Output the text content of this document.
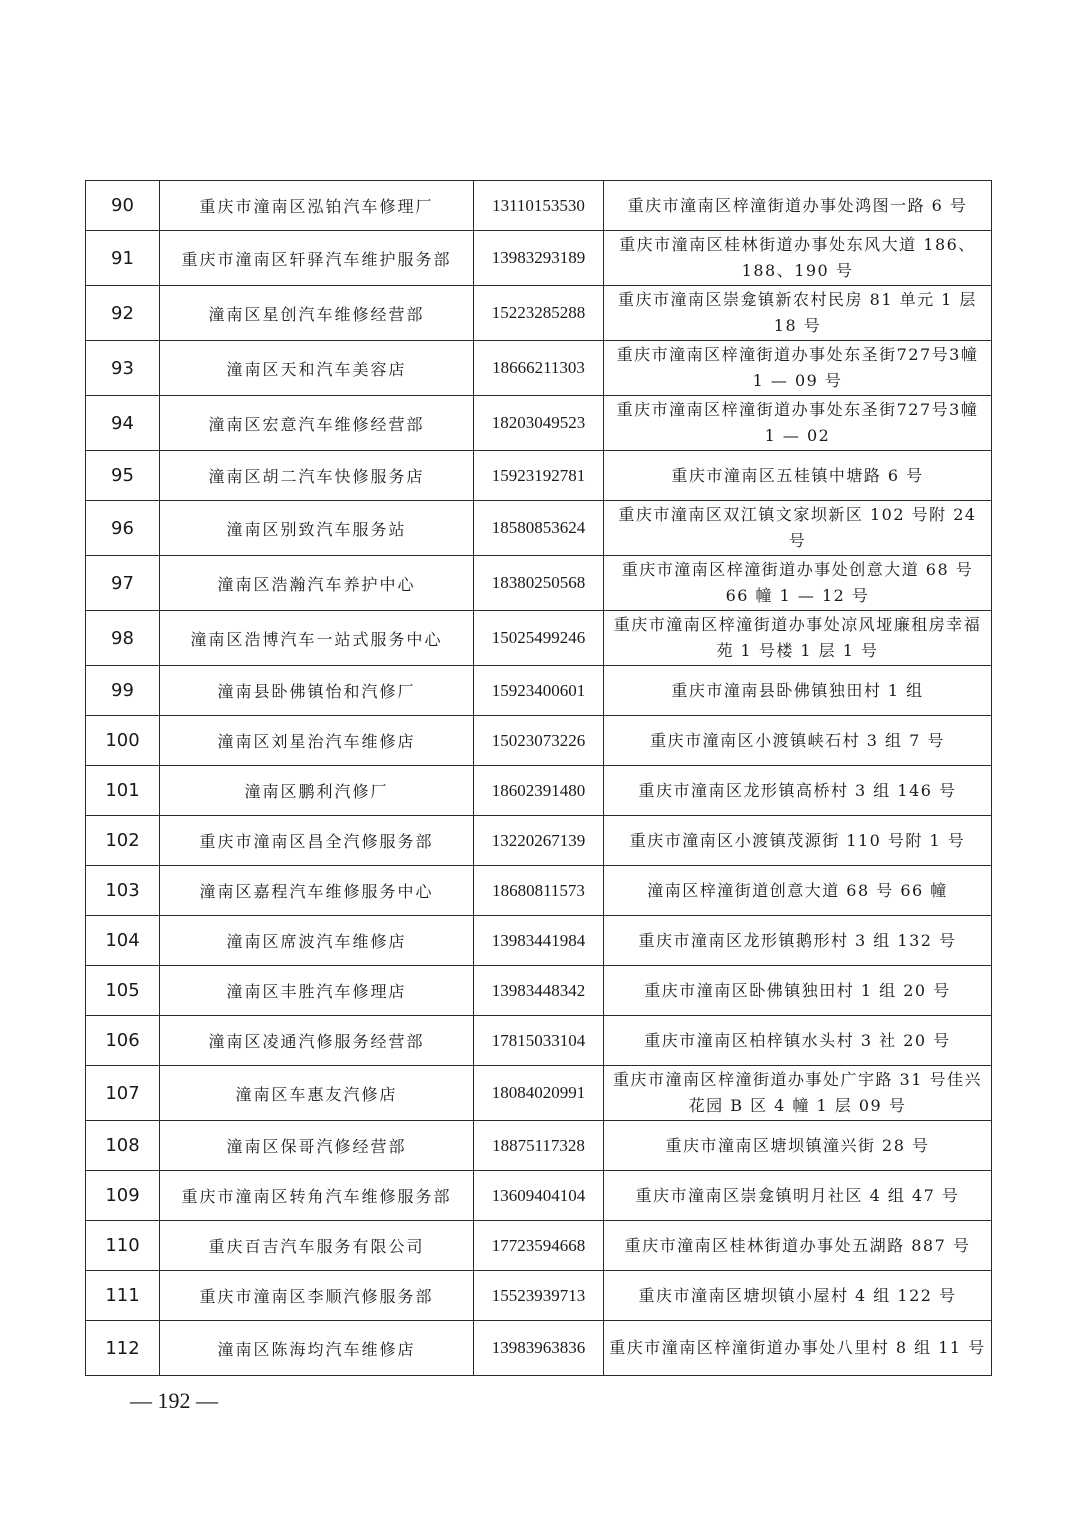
90	重庆市潼南区泓铂汽车修理厂	13110153530	重庆市潼南区梓潼街道办事处鸿图一路 6 号
91	重庆市潼南区轩驿汽车维护服务部	13983293189	重庆市潼南区桂林街道办事处东风大道 186、188、190 号
92	潼南区星创汽车维修经营部	15223285288	重庆市潼南区崇龛镇新农村民房 81 单元 1 层 18 号
93	潼南区天和汽车美容店	18666211303	重庆市潼南区梓潼街道办事处东圣街727号3幢 1 — 09 号
94	潼南区宏意汽车维修经营部	18203049523	重庆市潼南区梓潼街道办事处东圣街727号3幢 1 — 02
95	潼南区胡二汽车快修服务店	15923192781	重庆市潼南区五桂镇中塘路 6 号
96	潼南区别致汽车服务站	18580853624	重庆市潼南区双江镇文家坝新区 102 号附 24 号
97	潼南区浩瀚汽车养护中心	18380250568	重庆市潼南区梓潼街道办事处创意大道 68 号 66 幢 1 — 12 号
98	潼南区浩博汽车一站式服务中心	15025499246	重庆市潼南区梓潼街道办事处凉风垭廉租房幸福苑 1 号楼 1 层 1 号
99	潼南县卧佛镇怡和汽修厂	15923400601	重庆市潼南县卧佛镇独田村 1 组
100	潼南区刘星治汽车维修店	15023073226	重庆市潼南区小渡镇峡石村 3 组 7 号
101	潼南区鹏利汽修厂	18602391480	重庆市潼南区龙形镇高桥村 3 组 146 号
102	重庆市潼南区昌全汽修服务部	13220267139	重庆市潼南区小渡镇茂源街 110 号附 1 号
103	潼南区嘉程汽车维修服务中心	18680811573	潼南区梓潼街道创意大道 68 号 66 幢
104	潼南区席波汽车维修店	13983441984	重庆市潼南区龙形镇鹅形村 3 组 132 号
105	潼南区丰胜汽车修理店	13983448342	重庆市潼南区卧佛镇独田村 1 组 20 号
106	潼南区凌通汽修服务经营部	17815033104	重庆市潼南区柏梓镇水头村 3 社 20 号
107	潼南区车惠友汽修店	18084020991	重庆市潼南区梓潼街道办事处广宇路 31 号佳兴花园 B 区 4 幢 1 层 09 号
108	潼南区保哥汽修经营部	18875117328	重庆市潼南区塘坝镇潼兴街 28 号
109	重庆市潼南区转角汽车维修服务部	13609404104	重庆市潼南区崇龛镇明月社区 4 组 47 号
110	重庆百吉汽车服务有限公司	17723594668	重庆市潼南区桂林街道办事处五湖路 887 号
111	重庆市潼南区李顺汽修服务部	15523939713	重庆市潼南区塘坝镇小屋村 4 组 122 号
112	潼南区陈海均汽车维修店	13983963836	重庆市潼南区梓潼街道办事处八里村 8 组 11 号
— 192 —
